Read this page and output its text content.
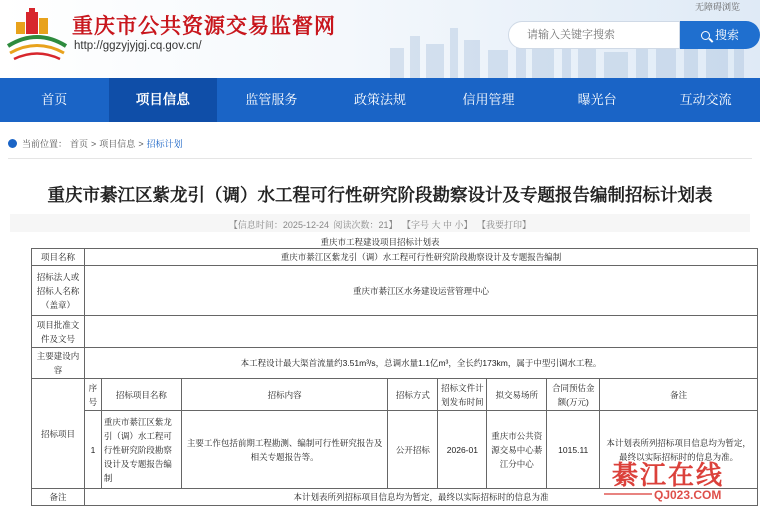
无障碍浏览
重庆市公共资源交易监督网
http://ggzyjyjgj.cq.gov.cn/
请输入关键字搜索
搜索
首页	项目信息	监管服务	政策法规	信用管理	曝光台	互动交流
当前位置： 首页 > 项目信息 > 招标计划
重庆市綦江区紫龙引（调）水工程可行性研究阶段勘察设计及专题报告编制招标计划表
【信息时间：2025-12-24 阅读次数：21】 【字号 大 中 小】 【我要打印】
重庆市工程建设项目招标计划表
项目名称	重庆市綦江区紫龙引（调）水工程可行性研究阶段勘察设计及专题报告编制							
招标法人或招标人名称（盖章）	重庆市綦江区水务建设运营管理中心							
项目批准文件及文号								
主要建设内容	本工程设计最大渠首流量约3.51m³/s，总调水量1.1亿m³，全长约173km，属于中型引调水工程。							
招标项目	序号	招标项目名称	招标内容	招标方式	招标文件计划发布时间	拟交易场所	合同预估金额(万元)	备注
	1	重庆市綦江区紫龙引（调）水工程可行性研究阶段勘察设计及专题报告编制	主要工作包括前期工程勘测、编制可行性研究报告及相关专题报告等。	公开招标	2026-01	重庆市公共资源交易中心綦江分中心	1015.11	本计划表所列招标项目信息均为暂定，最终以实际招标时的信息为准。
备注	本计划表所列招标项目信息均为暂定，最终以实际招标时的信息为准							
綦江在线
QJ023.COM
